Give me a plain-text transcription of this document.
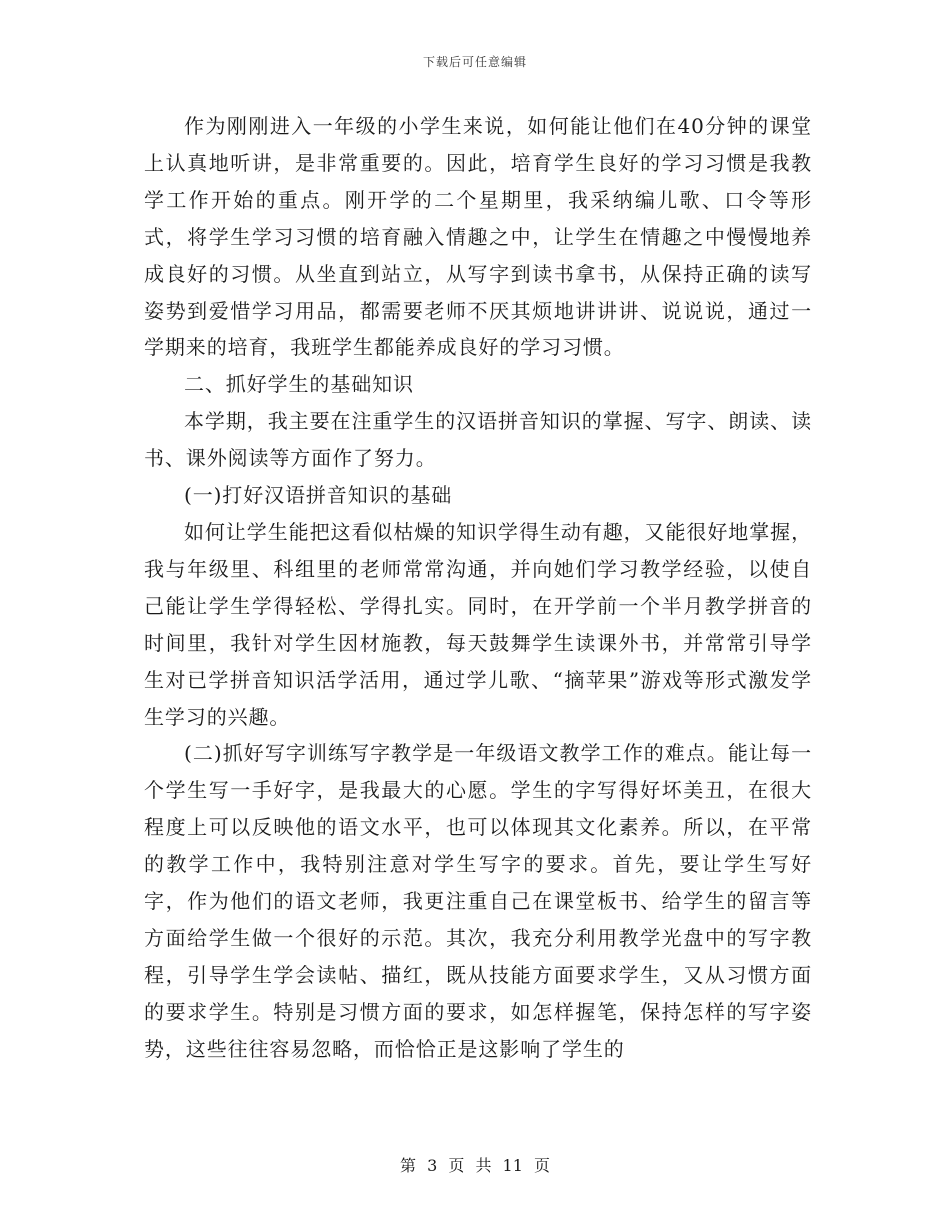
下载后可任意编辑

作为刚刚进入一年级的小学生来说，如何能让他们在40分钟的课堂上认真地听讲，是非常重要的。因此，培育学生良好的学习习惯是我教学工作开始的重点。刚开学的二个星期里，我采纳编儿歌、口令等形式，将学生学习习惯的培育融入情趣之中，让学生在情趣之中慢慢地养成良好的习惯。从坐直到站立，从写字到读书拿书，从保持正确的读写姿势到爱惜学习用品，都需要老师不厌其烦地讲讲讲、说说说，通过一学期来的培育，我班学生都能养成良好的学习习惯。

二、抓好学生的基础知识

本学期，我主要在注重学生的汉语拼音知识的掌握、写字、朗读、读书、课外阅读等方面作了努力。

(一)打好汉语拼音知识的基础

如何让学生能把这看似枯燥的知识学得生动有趣，又能很好地掌握，我与年级里、科组里的老师常常沟通，并向她们学习教学经验，以使自己能让学生学得轻松、学得扎实。同时，在开学前一个半月教学拼音的时间里，我针对学生因材施教，每天鼓舞学生读课外书，并常常引导学生对已学拼音知识活学活用，通过学儿歌、“摘苹果”游戏等形式激发学生学习的兴趣。

(二)抓好写字训练写字教学是一年级语文教学工作的难点。能让每一个学生写一手好字，是我最大的心愿。学生的字写得好坏美丑，在很大程度上可以反映他的语文水平，也可以体现其文化素养。所以，在平常的教学工作中，我特别注意对学生写字的要求。首先，要让学生写好字，作为他们的语文老师，我更注重自己在课堂板书、给学生的留言等方面给学生做一个很好的示范。其次，我充分利用教学光盘中的写字教程，引导学生学会读帖、描红，既从技能方面要求学生，又从习惯方面的要求学生。特别是习惯方面的要求，如怎样握笔，保持怎样的写字姿势，这些往往容易忽略，而恰恰正是这影响了学生的

第 3 页 共 11 页
